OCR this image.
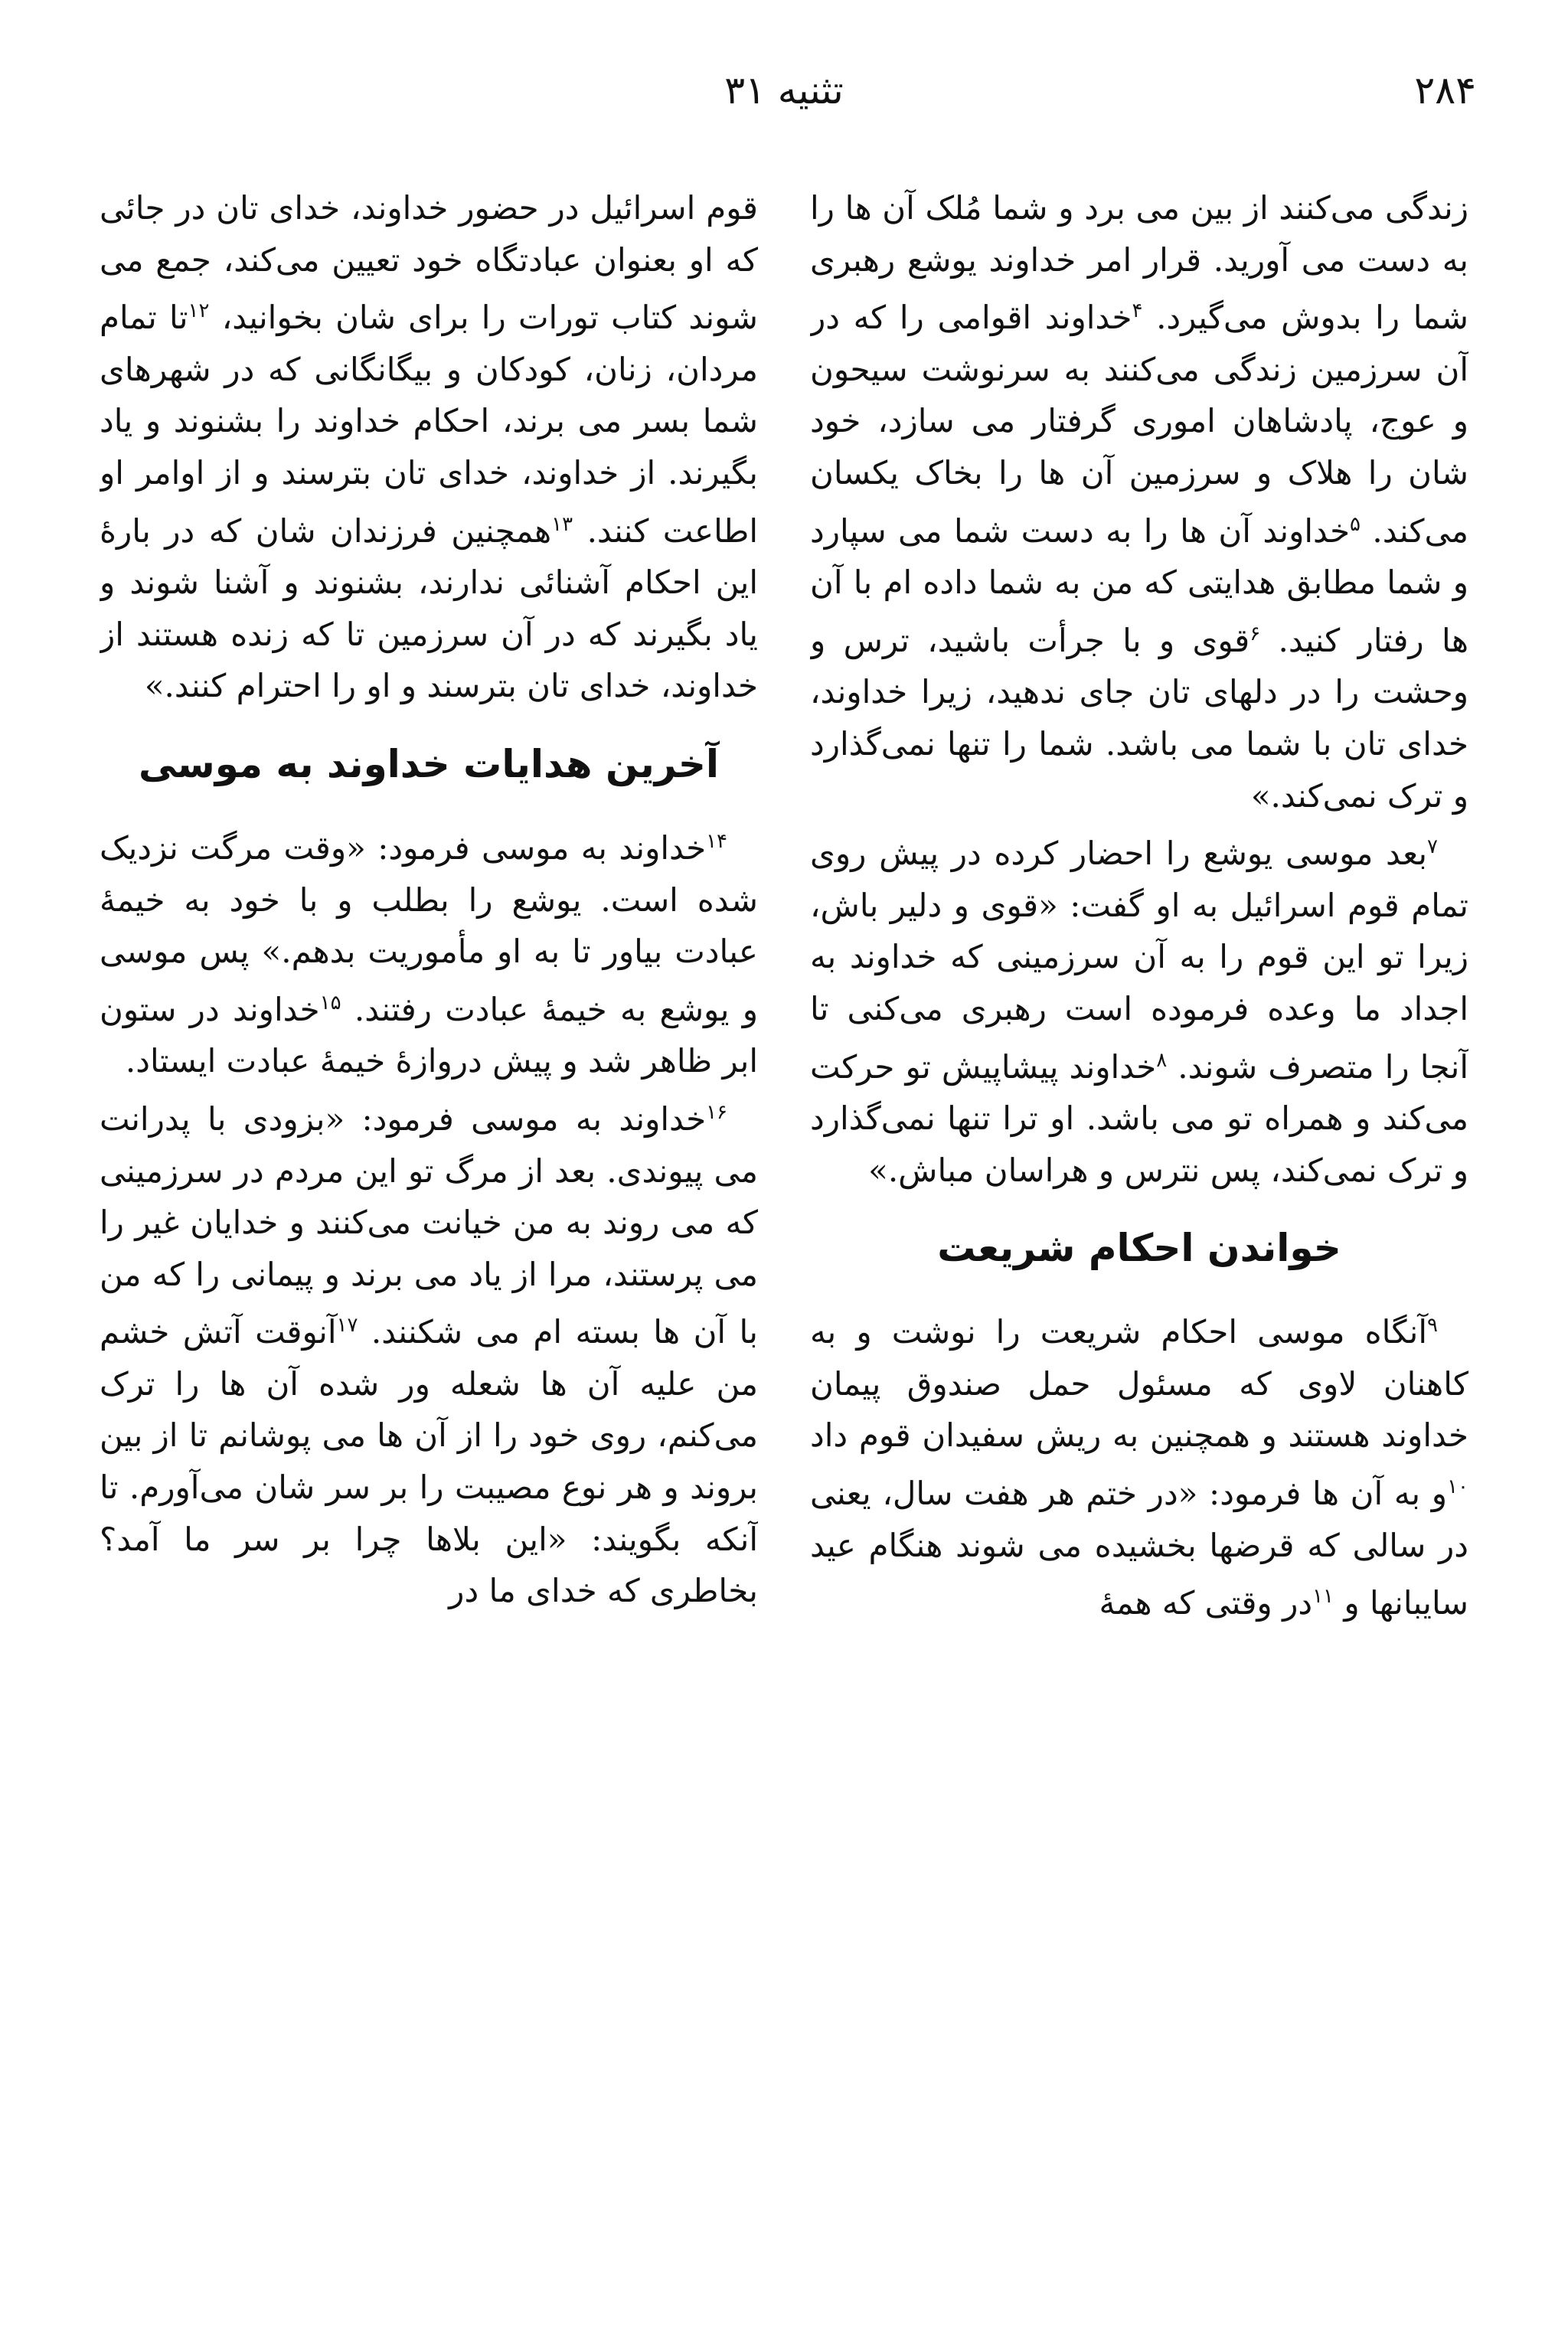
۲۸۴
تثنیه ۳۱

زندگی می‌کنند از بین می برد و شما مُلک آن ها را به دست می آورید. قرار امر خداوند یوشع رهبری شما را بدوش می‌گیرد. $^۴$خداوند اقوامی را که در آن سرزمین زندگی می‌کنند به سرنوشت سیحون و عوج، پادشاهان اموری گرفتار می سازد، خود شان را هلاک و سرزمین آن ها را بخاک یکسان می‌کند. $^۵$خداوند آن ها را به دست شما می سپارد و شما مطابق هدایتی که من به شما داده ام با آن ها رفتار کنید. $^۶$قوی و با جرأت باشید، ترس و وحشت را در دلهای تان جای ندهید، زیرا خداوند، خدای تان با شما می باشد. شما را تنها نمی‌گذارد و ترک نمی‌کند.»

$^۷$بعد موسی یوشع را احضار کرده در پیش روی تمام قوم اسرائیل به او گفت: «قوی و دلیر باش، زیرا تو این قوم را به آن سرزمینی که خداوند به اجداد ما وعده فرموده است رهبری می‌کنی تا آنجا را متصرف شوند. $^۸$خداوند پیشاپیش تو حرکت می‌کند و همراه تو می باشد. او ترا تنها نمی‌گذارد و ترک نمی‌کند، پس نترس و هراسان مباش.»

خواندن احکام شریعت

$^۹$آنگاه موسی احکام شریعت را نوشت و به کاهنان لاوی که مسئول حمل صندوق پیمان خداوند هستند و همچنین به ریش سفیدان قوم داد $^{۱۰}$و به آن ها فرمود: «در ختم هر هفت سال، یعنی در سالی که قرضها بخشیده می شوند هنگام عید سایبانها و $^{۱۱}$در وقتی که همهٔ

قوم اسرائیل در حضور خداوند، خدای تان در جائی که او بعنوان عبادتگاه خود تعیین می‌کند، جمع می شوند کتاب تورات را برای شان بخوانید، $^{۱۲}$تا تمام مردان، زنان، کودکان و بیگانگانی که در شهرهای شما بسر می برند، احکام خداوند را بشنوند و یاد بگیرند. از خداوند، خدای تان بترسند و از اوامر او اطاعت کنند. $^{۱۳}$همچنین فرزندان شان که در بارۀ این احکام آشنائی ندارند، بشنوند و آشنا شوند و یاد بگیرند که در آن سرزمین تا که زنده هستند از خداوند، خدای تان بترسند و او را احترام کنند.»

آخرین هدایات خداوند به موسی

$^{۱۴}$خداوند به موسی فرمود: «وقت مرگت نزدیک شده است. یوشع را بطلب و با خود به خیمۀ عبادت بیاور تا به او مأموریت بدهم.» پس موسی و یوشع به خیمۀ عبادت رفتند. $^{۱۵}$خداوند در ستون ابر ظاهر شد و پیش دروازۀ خیمۀ عبادت ایستاد.

$^{۱۶}$خداوند به موسی فرمود: «بزودی با پدرانت می پیوندی. بعد از مرگ تو این مردم در سرزمینی که می روند به من خیانت می‌کنند و خدایان غیر را می پرستند، مرا از یاد می برند و پیمانی را که من با آن ها بسته ام می شکنند. $^{۱۷}$آنوقت آتش خشم من علیه آن ها شعله ور شده آن ها را ترک می‌کنم، روی خود را از آن ها می پوشانم تا از بین بروند و هر نوع مصیبت را بر سر شان می‌آورم. تا آنکه بگویند: «این بلاها چرا بر سر ما آمد؟ بخاطری که خدای ما در
